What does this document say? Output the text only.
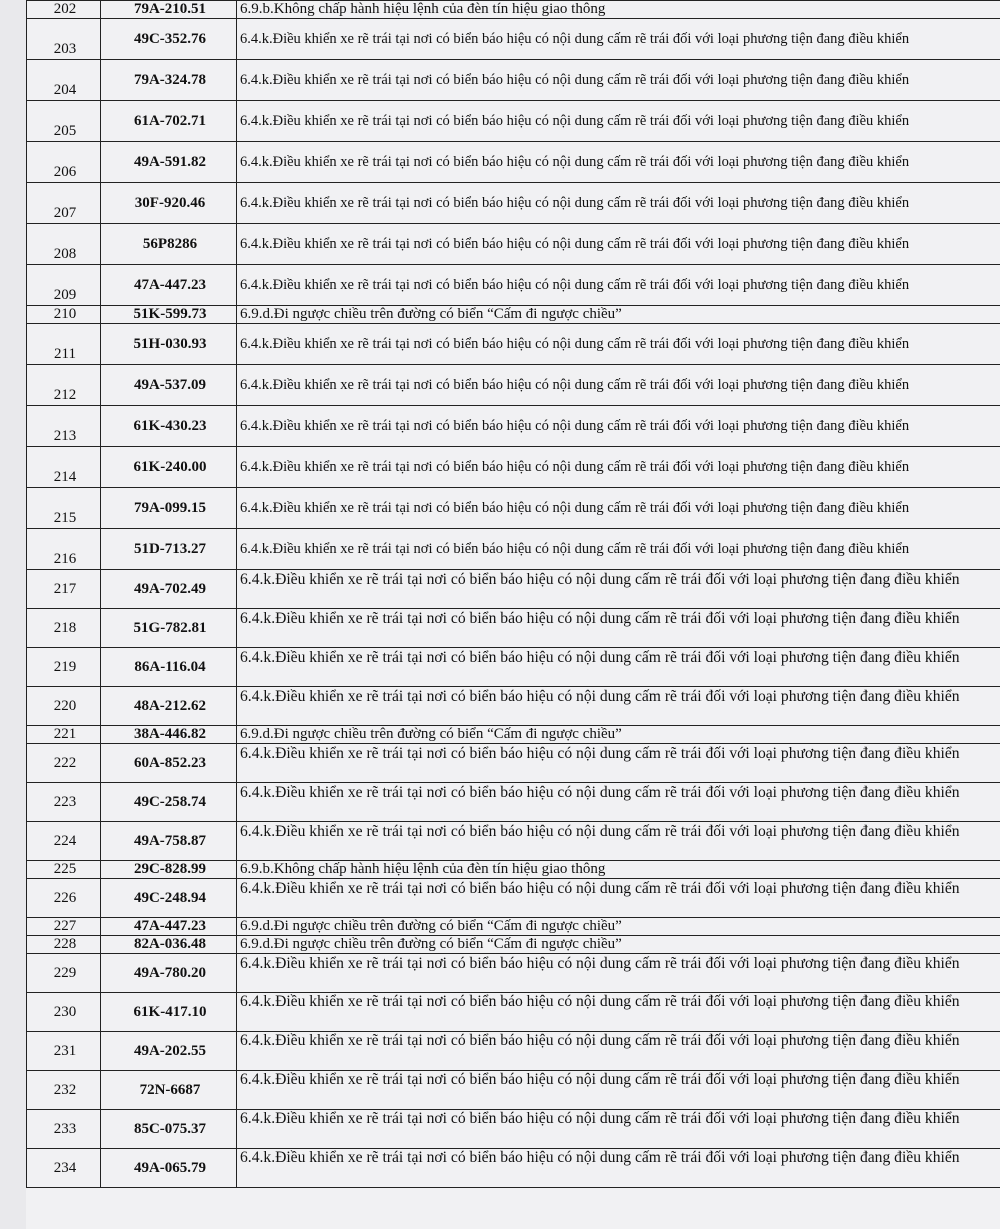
202	79A-210.51	6.9.b.Không chấp hành hiệu lệnh của đèn tín hiệu giao thông
203	49C-352.76	6.4.k.Điều khiển xe rẽ trái tại nơi có biển báo hiệu có nội dung cấm rẽ trái đối với loại phương tiện đang điều khiển
204	79A-324.78	6.4.k.Điều khiển xe rẽ trái tại nơi có biển báo hiệu có nội dung cấm rẽ trái đối với loại phương tiện đang điều khiển
205	61A-702.71	6.4.k.Điều khiển xe rẽ trái tại nơi có biển báo hiệu có nội dung cấm rẽ trái đối với loại phương tiện đang điều khiển
206	49A-591.82	6.4.k.Điều khiển xe rẽ trái tại nơi có biển báo hiệu có nội dung cấm rẽ trái đối với loại phương tiện đang điều khiển
207	30F-920.46	6.4.k.Điều khiển xe rẽ trái tại nơi có biển báo hiệu có nội dung cấm rẽ trái đối với loại phương tiện đang điều khiển
208	56P8286	6.4.k.Điều khiển xe rẽ trái tại nơi có biển báo hiệu có nội dung cấm rẽ trái đối với loại phương tiện đang điều khiển
209	47A-447.23	6.4.k.Điều khiển xe rẽ trái tại nơi có biển báo hiệu có nội dung cấm rẽ trái đối với loại phương tiện đang điều khiển
210	51K-599.73	6.9.d.Đi ngược chiều trên đường có biển “Cấm đi ngược chiều”
211	51H-030.93	6.4.k.Điều khiển xe rẽ trái tại nơi có biển báo hiệu có nội dung cấm rẽ trái đối với loại phương tiện đang điều khiển
212	49A-537.09	6.4.k.Điều khiển xe rẽ trái tại nơi có biển báo hiệu có nội dung cấm rẽ trái đối với loại phương tiện đang điều khiển
213	61K-430.23	6.4.k.Điều khiển xe rẽ trái tại nơi có biển báo hiệu có nội dung cấm rẽ trái đối với loại phương tiện đang điều khiển
214	61K-240.00	6.4.k.Điều khiển xe rẽ trái tại nơi có biển báo hiệu có nội dung cấm rẽ trái đối với loại phương tiện đang điều khiển
215	79A-099.15	6.4.k.Điều khiển xe rẽ trái tại nơi có biển báo hiệu có nội dung cấm rẽ trái đối với loại phương tiện đang điều khiển
216	51D-713.27	6.4.k.Điều khiển xe rẽ trái tại nơi có biển báo hiệu có nội dung cấm rẽ trái đối với loại phương tiện đang điều khiển
217	49A-702.49	6.4.k.Điều khiển xe rẽ trái tại nơi có biển báo hiệu có nội dung cấm rẽ trái đối với loại phương tiện đang điều khiển
218	51G-782.81	6.4.k.Điều khiển xe rẽ trái tại nơi có biển báo hiệu có nội dung cấm rẽ trái đối với loại phương tiện đang điều khiển
219	86A-116.04	6.4.k.Điều khiển xe rẽ trái tại nơi có biển báo hiệu có nội dung cấm rẽ trái đối với loại phương tiện đang điều khiển
220	48A-212.62	6.4.k.Điều khiển xe rẽ trái tại nơi có biển báo hiệu có nội dung cấm rẽ trái đối với loại phương tiện đang điều khiển
221	38A-446.82	6.9.d.Đi ngược chiều trên đường có biển “Cấm đi ngược chiều”
222	60A-852.23	6.4.k.Điều khiển xe rẽ trái tại nơi có biển báo hiệu có nội dung cấm rẽ trái đối với loại phương tiện đang điều khiển
223	49C-258.74	6.4.k.Điều khiển xe rẽ trái tại nơi có biển báo hiệu có nội dung cấm rẽ trái đối với loại phương tiện đang điều khiển
224	49A-758.87	6.4.k.Điều khiển xe rẽ trái tại nơi có biển báo hiệu có nội dung cấm rẽ trái đối với loại phương tiện đang điều khiển
225	29C-828.99	6.9.b.Không chấp hành hiệu lệnh của đèn tín hiệu giao thông
226	49C-248.94	6.4.k.Điều khiển xe rẽ trái tại nơi có biển báo hiệu có nội dung cấm rẽ trái đối với loại phương tiện đang điều khiển
227	47A-447.23	6.9.d.Đi ngược chiều trên đường có biển “Cấm đi ngược chiều”
228	82A-036.48	6.9.d.Đi ngược chiều trên đường có biển “Cấm đi ngược chiều”
229	49A-780.20	6.4.k.Điều khiển xe rẽ trái tại nơi có biển báo hiệu có nội dung cấm rẽ trái đối với loại phương tiện đang điều khiển
230	61K-417.10	6.4.k.Điều khiển xe rẽ trái tại nơi có biển báo hiệu có nội dung cấm rẽ trái đối với loại phương tiện đang điều khiển
231	49A-202.55	6.4.k.Điều khiển xe rẽ trái tại nơi có biển báo hiệu có nội dung cấm rẽ trái đối với loại phương tiện đang điều khiển
232	72N-6687	6.4.k.Điều khiển xe rẽ trái tại nơi có biển báo hiệu có nội dung cấm rẽ trái đối với loại phương tiện đang điều khiển
233	85C-075.37	6.4.k.Điều khiển xe rẽ trái tại nơi có biển báo hiệu có nội dung cấm rẽ trái đối với loại phương tiện đang điều khiển
234	49A-065.79	6.4.k.Điều khiển xe rẽ trái tại nơi có biển báo hiệu có nội dung cấm rẽ trái đối với loại phương tiện đang điều khiển
